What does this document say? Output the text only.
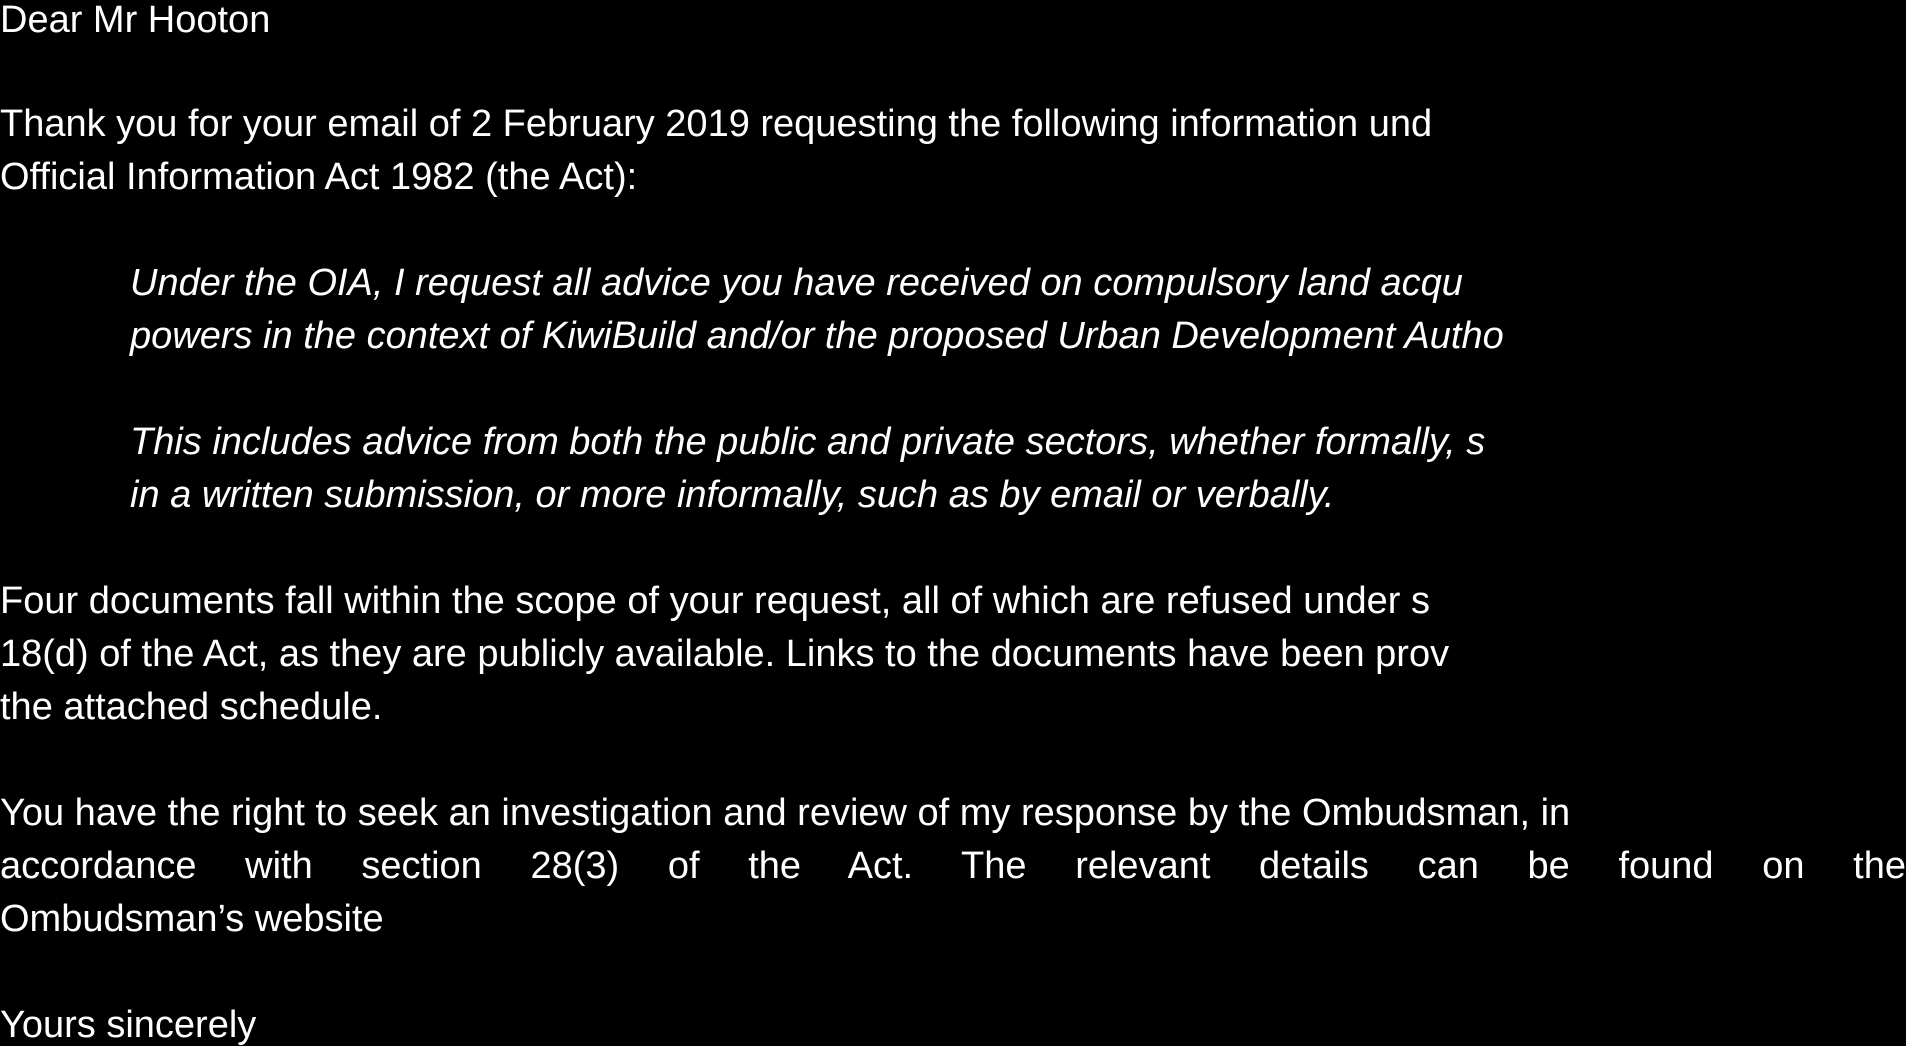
Dear Mr Hooton

Thank you for your email of 2 February 2019 requesting the following information und

Official Information Act 1982 (the Act):

Under the OIA, I request all advice you have received on compulsory land acqu

powers in the context of KiwiBuild and/or the proposed Urban Development Autho

This includes advice from both the public and private sectors, whether formally, s

in a written submission, or more informally, such as by email or verbally.

Four documents fall within the scope of your request, all of which are refused under s

18(d) of the Act, as they are publicly available. Links to the documents have been prov

the attached schedule.

You have the right to seek an investigation and review of my response by the Ombudsman, in

accordance with section 28(3) of the Act. The relevant details can be found on the

Ombudsman’s website

Yours sincerely
